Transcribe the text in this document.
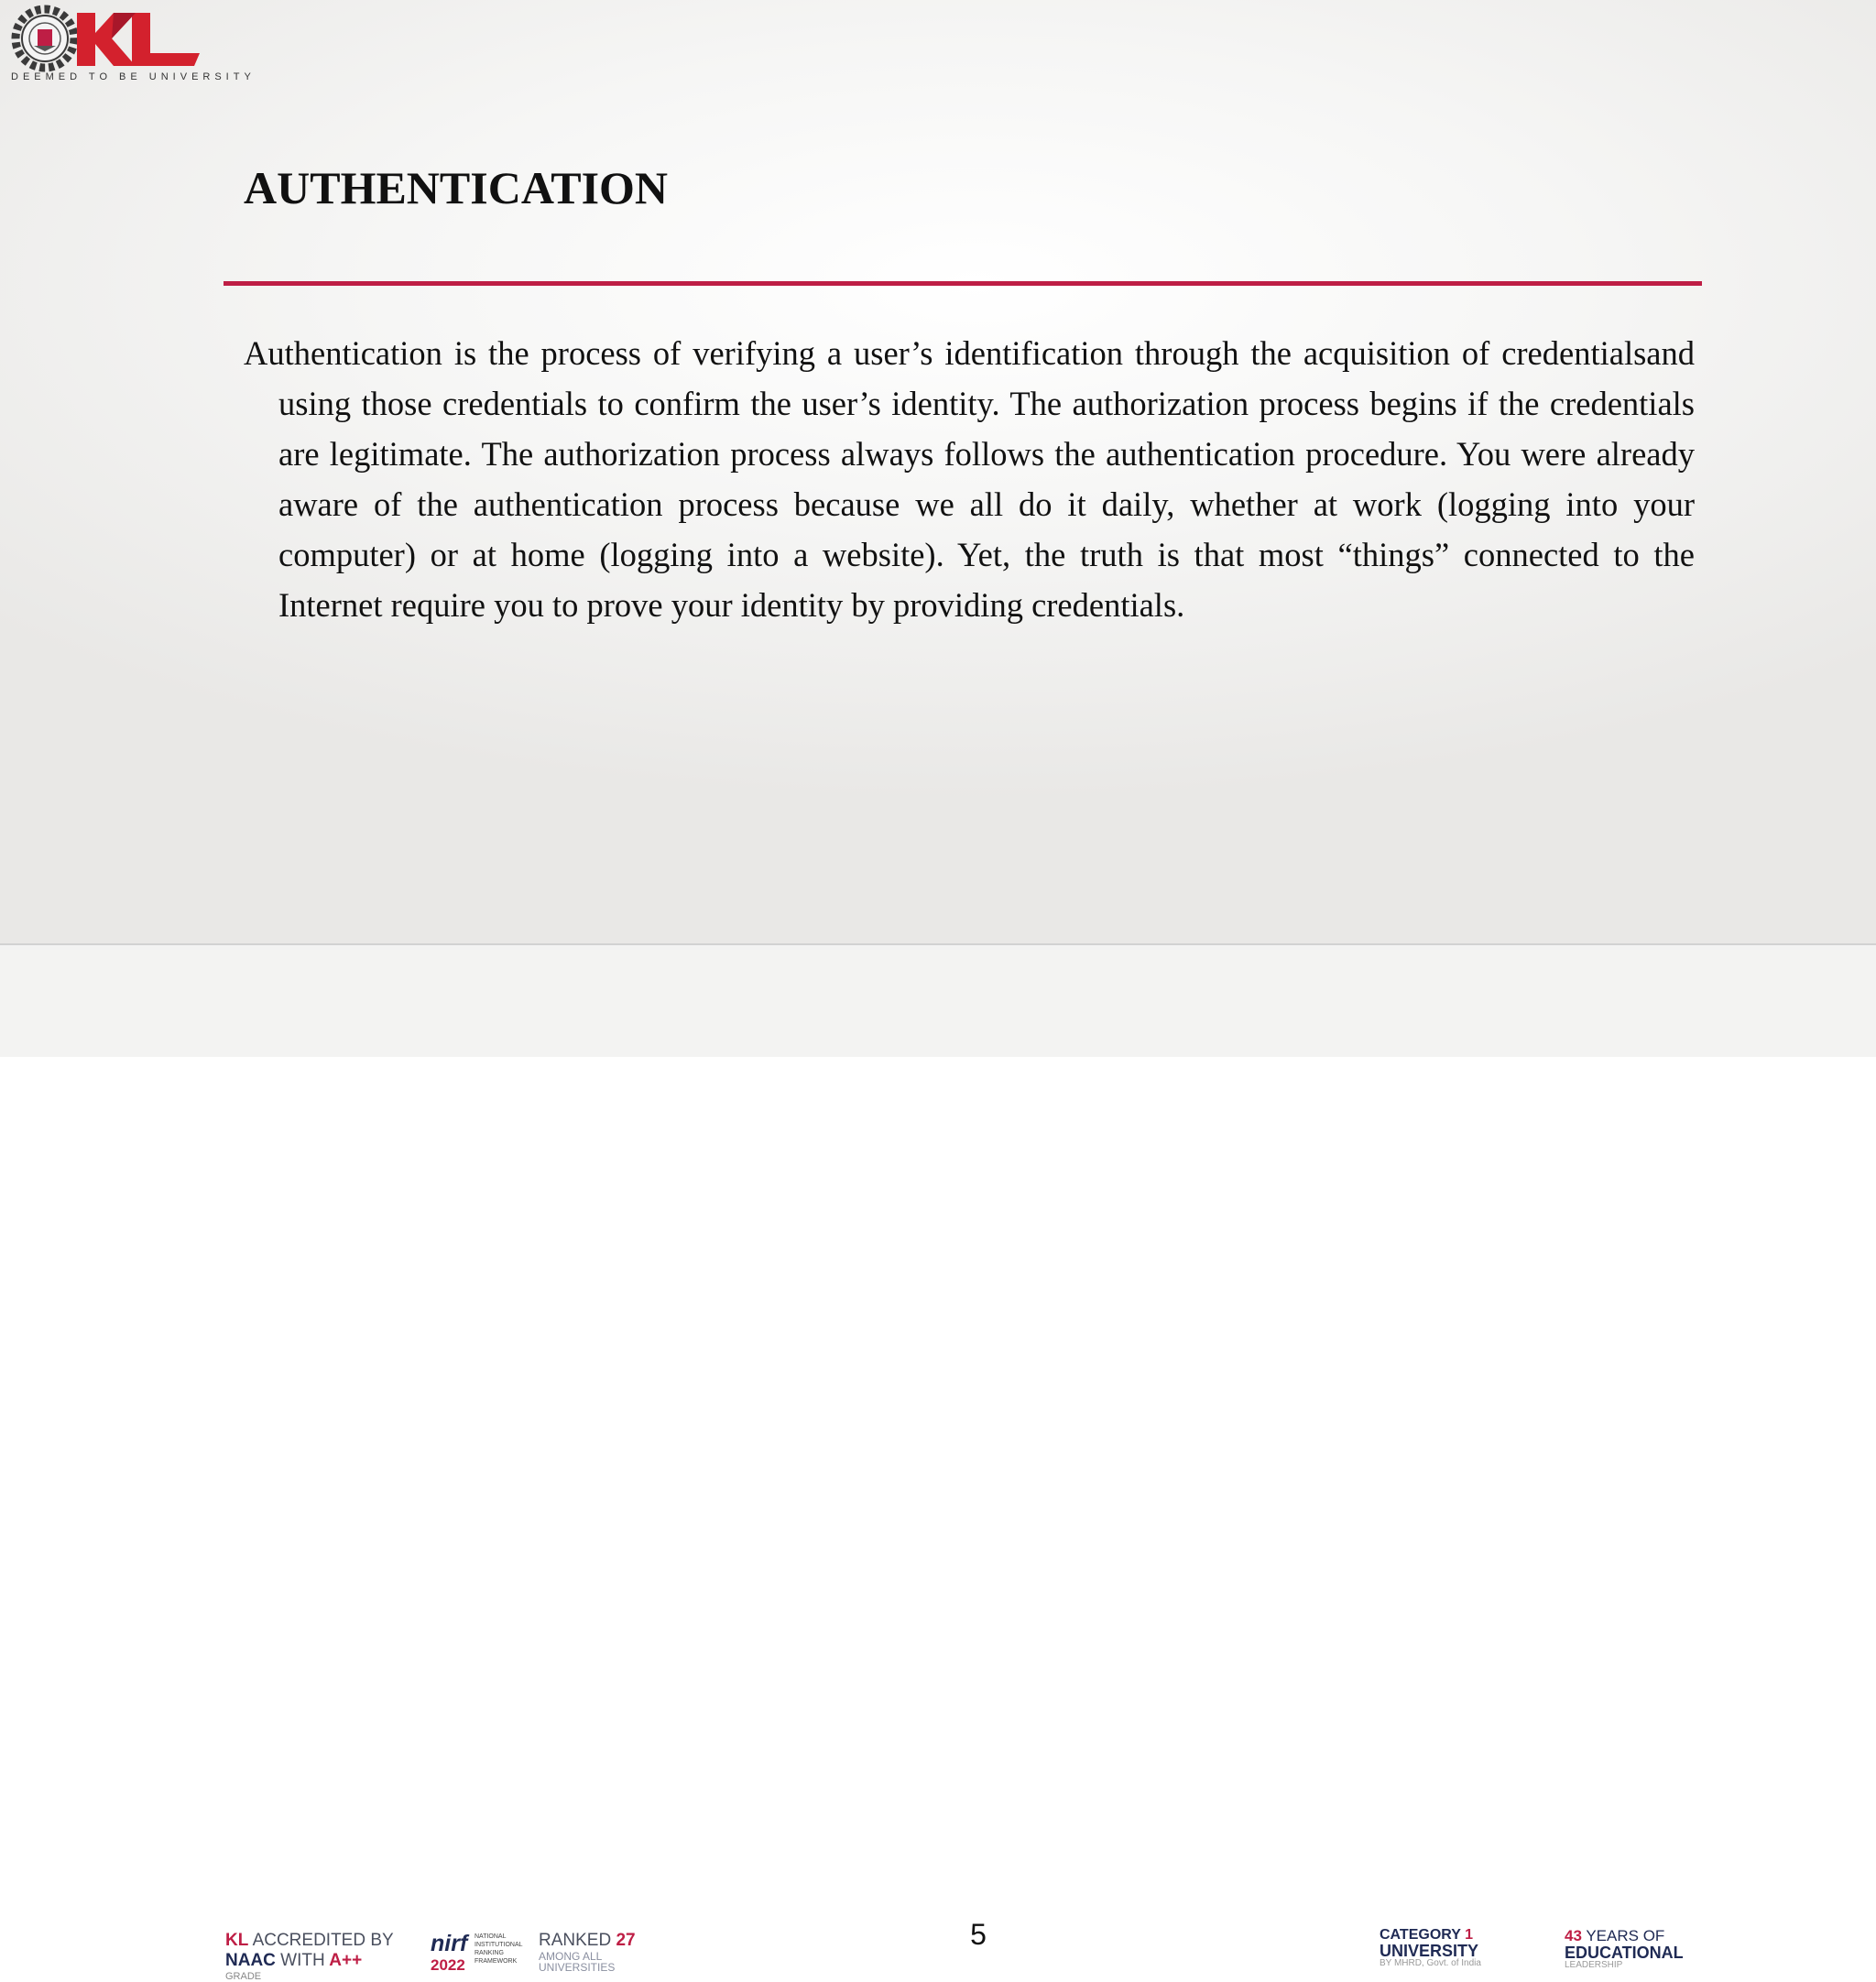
DEEMED TO BE UNIVERSITY
AUTHENTICATION

Authentication is the process of verifying a user’s identification through the acquisition of credentialsand using those credentials to confirm the user’s identity. The authorization process begins if the credentials are legitimate. The authorization process always follows the authentication procedure. You were already aware of the authentication process because we all do it daily, whether at work (logging into your computer) or at home (logging into a website). Yet, the truth is that most “things” connected to the Internet require you to prove your identity by providing credentials.

5
KL ACCREDITED BY
NAAC WITH A++
GRADE
nirf
2022
NATIONAL INSTITUTIONAL RANKING FRAMEWORK
RANKED 27
AMONG ALL
UNIVERSITIES
CATEGORY 1
UNIVERSITY
BY MHRD, Govt. of India
43 YEARS OF
EDUCATIONAL
LEADERSHIP
